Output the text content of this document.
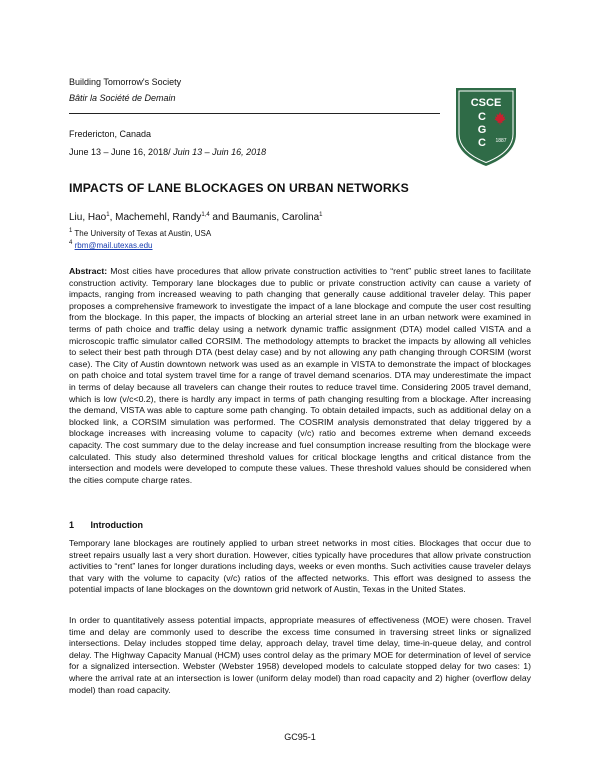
Building Tomorrow's Society
Bâtir la Société de Demain
Fredericton, Canada
June 13 – June 16, 2018/ Juin 13 – Juin 16, 2018
CSCE
C
G
C 1887
IMPACTS OF LANE BLOCKAGES ON URBAN NETWORKS
Liu, Hao$^1$, Machemehl, Randy$^{1,4}$ and Baumanis, Carolina$^1$
$^1$ The University of Texas at Austin, USA
$^4$ rbm@mail.utexas.edu
Abstract: Most cities have procedures that allow private construction activities to “rent” public street lanes to facilitate construction activity. Temporary lane blockages due to public or private construction activity can cause a variety of impacts, ranging from increased weaving to path changing that generally cause additional traveler delay. This paper proposes a comprehensive framework to investigate the impact of a lane blockage and compute the user cost resulting from the blockage. In this paper, the impacts of blocking an arterial street lane in an urban network were examined in terms of path choice and traffic delay using a network dynamic traffic assignment (DTA) model called VISTA and a microscopic traffic simulator called CORSIM. The methodology attempts to bracket the impacts by allowing all vehicles to select their best path through DTA (best delay case) and by not allowing any path changing through CORSIM (worst case). The City of Austin downtown network was used as an example in VISTA to demonstrate the impact of blockages on path choice and total system travel time for a range of travel demand scenarios. DTA may underestimate the impact in terms of delay because all travelers can change their routes to reduce travel time. Considering 2005 travel demand, which is low (v/c<0.2), there is hardly any impact in terms of path changing resulting from a blockage. After increasing the demand, VISTA was able to capture some path changing. To obtain detailed impacts, such as additional delay on a blocked link, a CORSIM simulation was performed. The COSRIM analysis demonstrated that delay triggered by a blockage increases with increasing volume to capacity (v/c) ratio and becomes extreme when demand exceeds capacity. The cost summary due to the delay increase and fuel consumption increase resulting from the blockage were calculated. This study also determined threshold values for critical blockage lengths and critical distance from the intersection and models were developed to compute these values. These threshold values should be considered when the cities compute charge rates.
1 Introduction
Temporary lane blockages are routinely applied to urban street networks in most cities. Blockages that occur due to street repairs usually last a very short duration. However, cities typically have procedures that allow private construction activities to “rent” lanes for longer durations including days, weeks or even months. Such activities cause traveler delays that vary with the volume to capacity (v/c) ratios of the affected networks. This effort was designed to assess the potential impacts of lane blockages on the downtown grid network of Austin, Texas in the United States.
In order to quantitatively assess potential impacts, appropriate measures of effectiveness (MOE) were chosen. Travel time and delay are commonly used to describe the excess time consumed in traversing street links or signalized intersections. Delay includes stopped time delay, approach delay, travel time delay, time-in-queue delay, and control delay. The Highway Capacity Manual (HCM) uses control delay as the primary MOE for determination of level of service for a signalized intersection. Webster (Webster 1958) developed models to calculate stopped delay for two cases: 1) where the arrival rate at an intersection is lower (uniform delay model) than road capacity and 2) higher (overflow delay model) than road capacity.
GC95-1
